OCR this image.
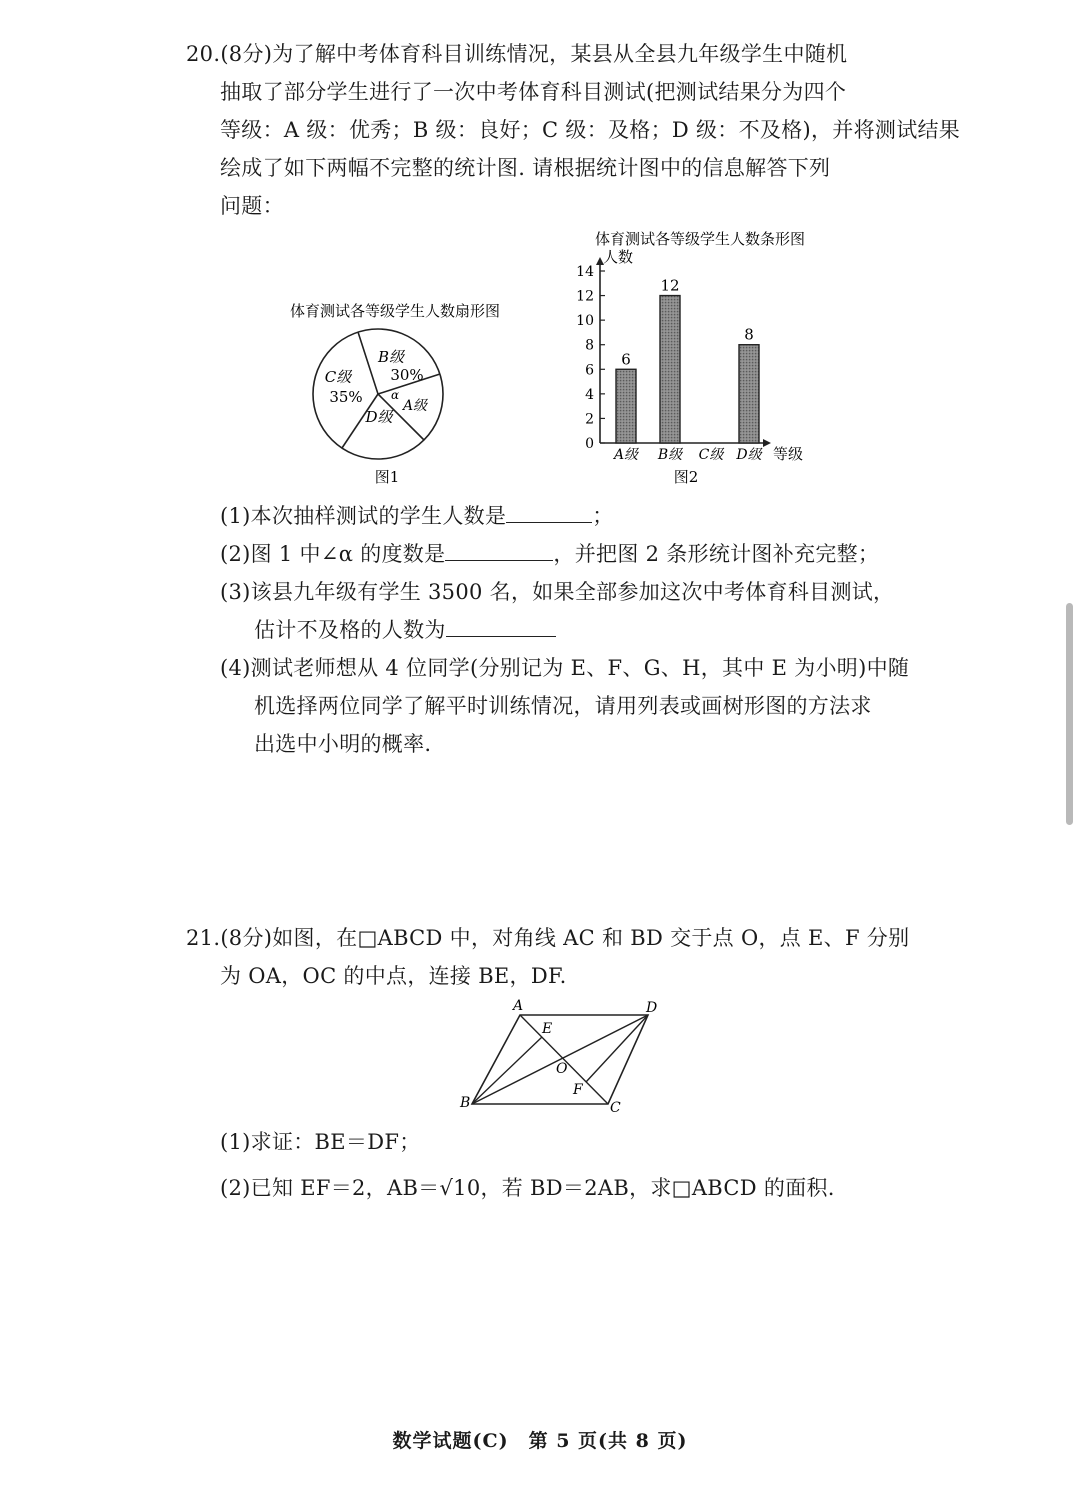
20.(8分)为了解中考体育科目训练情况，某县从全县九年级学生中随机
抽取了部分学生进行了一次中考体育科目测试(把测试结果分为四个
等级：A 级：优秀；B 级：良好；C 级：及格；D 级：不及格)，并将测试结果
绘成了如下两幅不完整的统计图. 请根据统计图中的信息解答下列
问题：
体育测试各等级学生人数扇形图
B级
30%
C级
35% α
A级
D级
图1
体育测试各等级学生人数条形图
人数
等级
0
2
4
6
8
10
12
14
6
A级
12
B级 C级
8
D级
图2
(1)本次抽样测试的学生人数是	；
(2)图 1 中∠α 的度数是	，并把图 2 条形统计图补充完整；
(3)该县九年级有学生 3500 名，如果全部参加这次中考体育科目测试，
估计不及格的人数为
(4)测试老师想从 4 位同学(分别记为 E、F、G、H，其中 E 为小明)中随
机选择两位同学了解平时训练情况，请用列表或画树形图的方法求
出选中小明的概率.
21.(8分)如图，在□ABCD 中，对角线 AC 和 BD 交于点 O，点 E、F 分别
为 OA，OC 的中点，连接 BE，DF.
A	D
E
O
F
B	C
(1)求证：BE＝DF；
(2)已知 EF＝2，AB＝√10，若 BD＝2AB，求□ABCD 的面积.
数学试题(C)　第 5 页(共 8 页)
